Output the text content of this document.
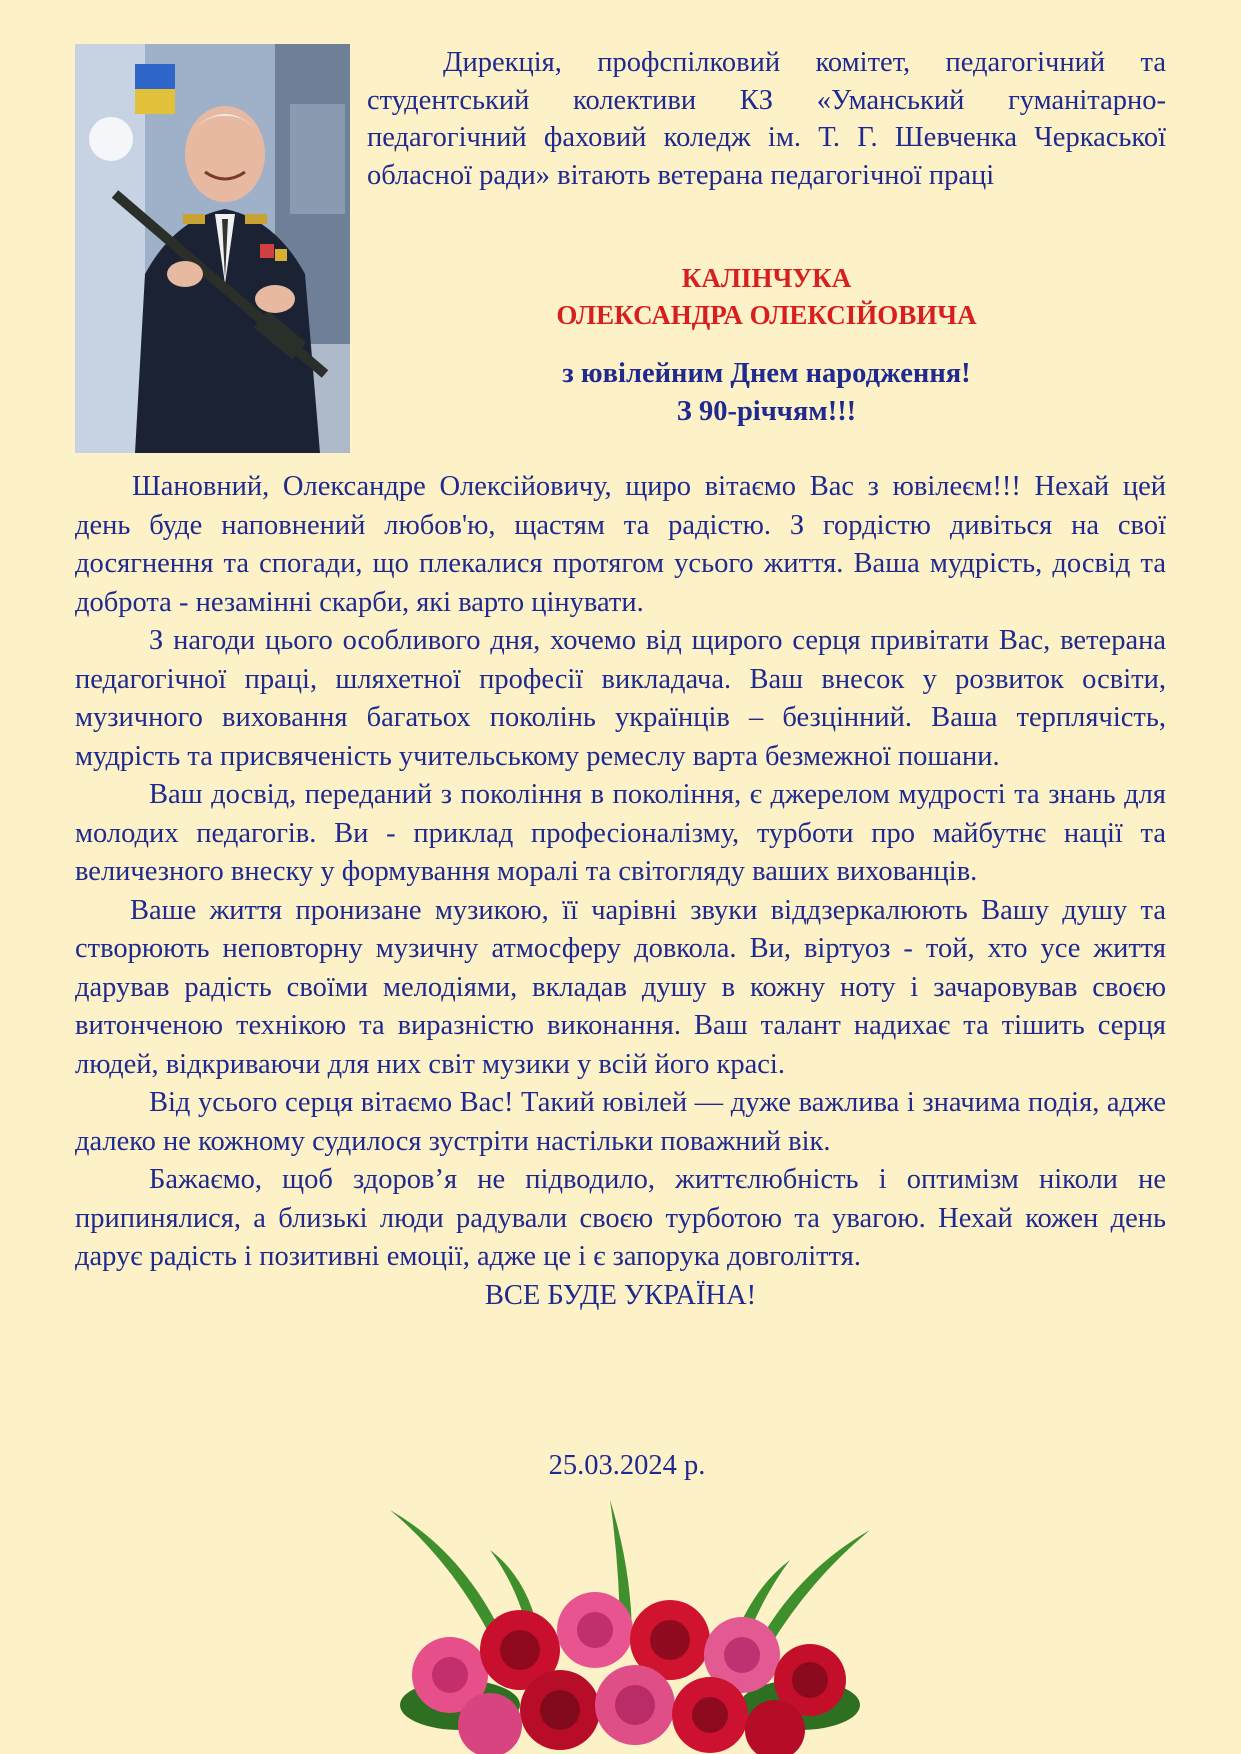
Дирекція, профспілковий комітет, педагогічний та студентський колективи КЗ «Уманський гуманітарно-педагогічний фаховий коледж ім. Т. Г. Шевченка Черкаської обласної ради» вітають ветерана педагогічної праці

КАЛІНЧУКА
ОЛЕКСАНДРА ОЛЕКСІЙОВИЧА
з ювілейним Днем народження!
З 90-річчям!!!

Шановний, Олександре Олексійовичу, щиро вітаємо Вас з ювілеєм!!! Нехай цей день буде наповнений любов'ю, щастям та радістю. З гордістю дивіться на свої досягнення та спогади, що плекалися протягом усього життя. Ваша мудрість, досвід та доброта - незамінні скарби, які варто цінувати.

З нагоди цього особливого дня, хочемо від щирого серця привітати Вас, ветерана педагогічної праці, шляхетної професії викладача. Ваш внесок у розвиток освіти, музичного виховання багатьох поколінь українців – безцінний. Ваша терплячість, мудрість та присвяченість учительському ремеслу варта безмежної пошани.

Ваш досвід, переданий з покоління в покоління, є джерелом мудрості та знань для молодих педагогів. Ви - приклад професіоналізму, турботи про майбутнє нації та величезного внеску у формування моралі та світогляду ваших вихованців.

Ваше життя пронизане музикою, її чарівні звуки віддзеркалюють Вашу душу та створюють неповторну музичну атмосферу довкола. Ви, віртуоз - той, хто усе життя дарував радість своїми мелодіями, вкладав душу в кожну ноту і зачаровував своєю витонченою технікою та виразністю виконання. Ваш талант надихає та тішить серця людей, відкриваючи для них світ музики у всій його красі.

Від усього серця вітаємо Вас! Такий ювілей — дуже важлива і значима подія, адже далеко не кожному судилося зустріти настільки поважний вік.

Бажаємо, щоб здоров’я не підводило, життєлюбність і оптимізм ніколи не припинялися, а близькі люди радували своєю турботою та увагою. Нехай кожен день дарує радість і позитивні емоції, адже це і є запорука довголіття.

ВСЕ БУДЕ УКРАЇНА!

25.03.2024 р.
